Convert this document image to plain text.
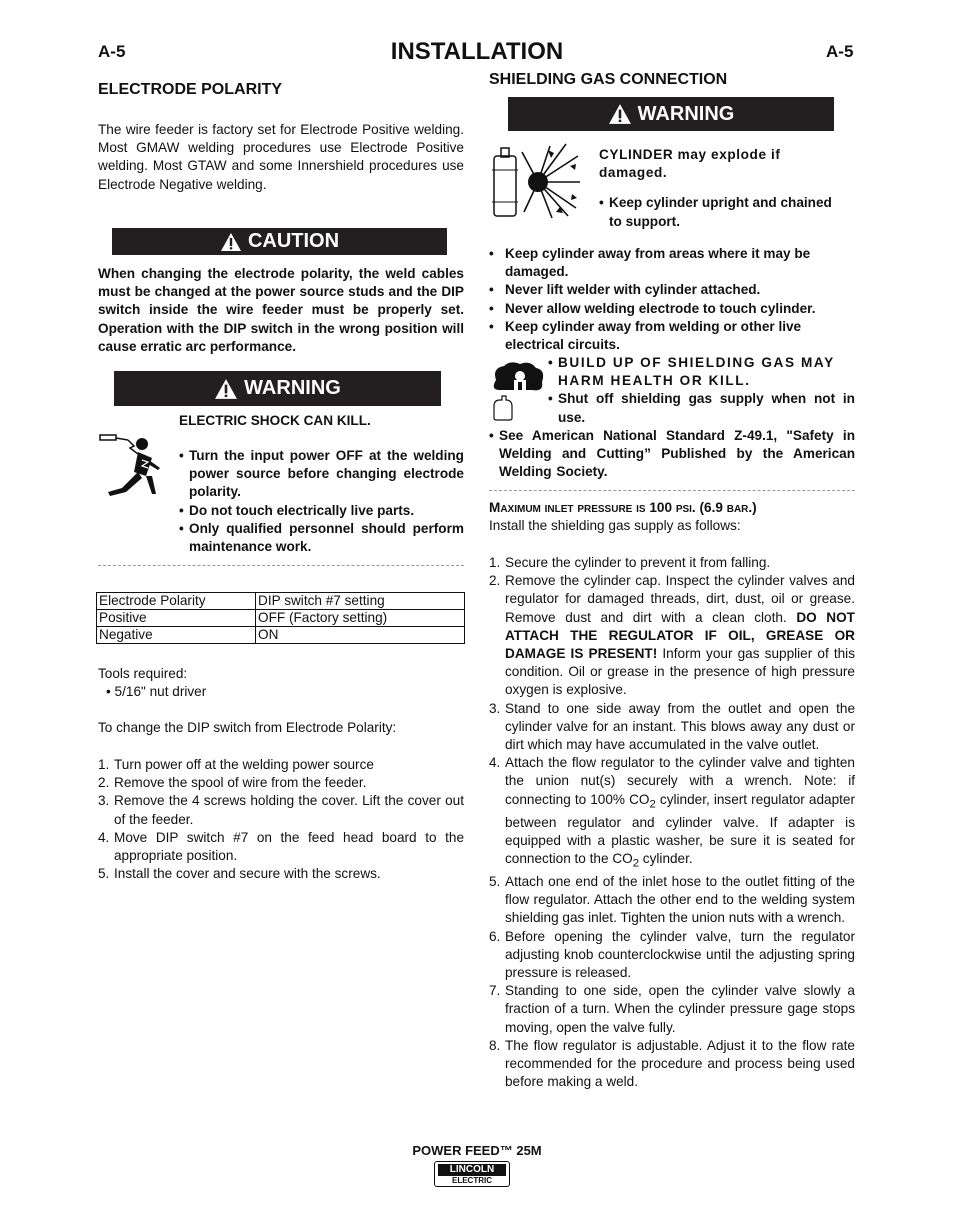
A-5	INSTALLATION	A-5
ELECTRODE POLARITY
The wire feeder is factory set for Electrode Positive welding. Most GMAW welding procedures use Electrode Positive welding. Most GTAW and some Innershield procedures use Electrode Negative welding.
CAUTION
When changing the electrode polarity, the weld cables must be changed at the power source studs and the DIP switch inside the wire feeder must be properly set. Operation with the DIP switch in the wrong position will cause erratic arc performance.
WARNING
ELECTRIC SHOCK CAN KILL.
• Turn the input power OFF at the welding power source before changing electrode polarity.
• Do not touch electrically live parts.
• Only qualified personnel should perform maintenance work.
Electrode Polarity	DIP switch #7 setting
Positive	OFF (Factory setting)
Negative	ON
Tools required:
• 5/16" nut driver
To change the DIP switch from Electrode Polarity:
1. Turn power off at the welding power source
2. Remove the spool of wire from the feeder.
3. Remove the 4 screws holding the cover. Lift the cover out of the feeder.
4. Move DIP switch #7 on the feed head board to the appropriate position.
5. Install the cover and secure with the screws.
SHIELDING GAS CONNECTION
WARNING
CYLINDER may explode if damaged.
• Keep cylinder upright and chained to support.
• Keep cylinder away from areas where it may be damaged.
• Never lift welder with cylinder attached.
• Never allow welding electrode to touch cylinder.
• Keep cylinder away from welding or other live electrical circuits.
• BUILD UP OF SHIELDING GAS MAY HARM HEALTH OR KILL.
• Shut off shielding gas supply when not in use.
• See American National Standard Z-49.1, "Safety in Welding and Cutting” Published by the American Welding Society.
Maximum inlet pressure is 100 psi. (6.9 bar.)
Install the shielding gas supply as follows:
1. Secure the cylinder to prevent it from falling.
2. Remove the cylinder cap. Inspect the cylinder valves and regulator for damaged threads, dirt, dust, oil or grease. Remove dust and dirt with a clean cloth. DO NOT ATTACH THE REGULATOR IF OIL, GREASE OR DAMAGE IS PRESENT! Inform your gas supplier of this condition. Oil or grease in the presence of high pressure oxygen is explosive.
3. Stand to one side away from the outlet and open the cylinder valve for an instant. This blows away any dust or dirt which may have accumulated in the valve outlet.
4. Attach the flow regulator to the cylinder valve and tighten the union nut(s) securely with a wrench. Note: if connecting to 100% $CO_2$ cylinder, insert regulator adapter between regulator and cylinder valve. If adapter is equipped with a plastic washer, be sure it is seated for connection to the $CO_2$ cylinder.
5. Attach one end of the inlet hose to the outlet fitting of the flow regulator. Attach the other end to the welding system shielding gas inlet. Tighten the union nuts with a wrench.
6. Before opening the cylinder valve, turn the regulator adjusting knob counterclockwise until the adjusting spring pressure is released.
7. Standing to one side, open the cylinder valve slowly a fraction of a turn. When the cylinder pressure gage stops moving, open the valve fully.
8. The flow regulator is adjustable. Adjust it to the flow rate recommended for the procedure and process being used before making a weld.
POWER FEED™ 25M
LINCOLN
ELECTRIC
